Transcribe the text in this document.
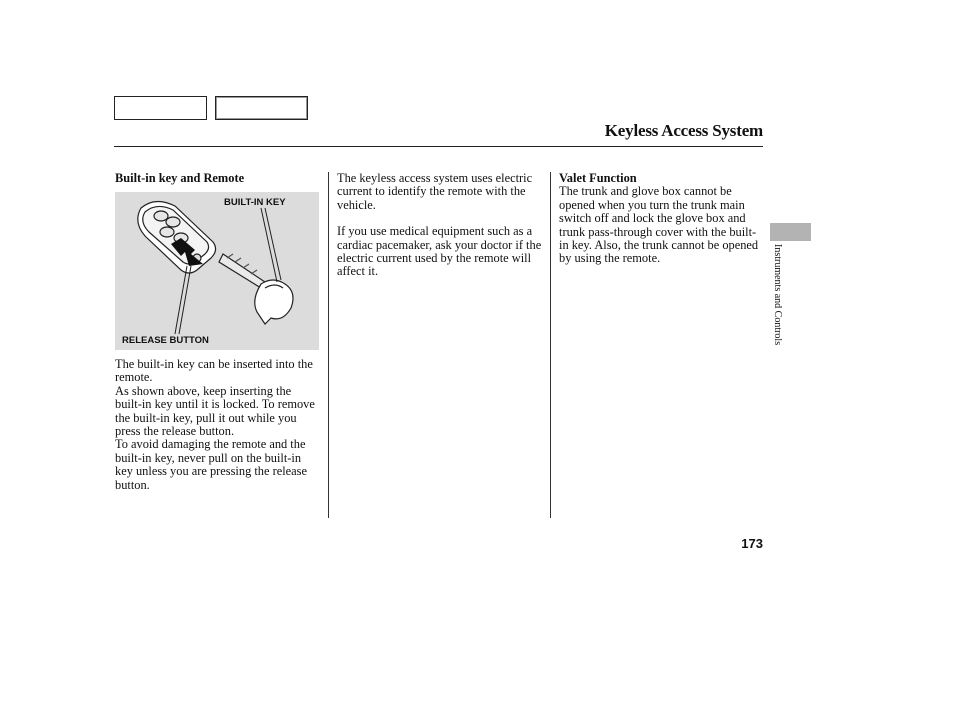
Keyless Access System

Built-in key and Remote

BUILT-IN KEY
RELEASE BUTTON

The built-in key can be inserted into the remote.
As shown above, keep inserting the built-in key until it is locked. To remove the built-in key, pull it out while you press the release button.
To avoid damaging the remote and the built-in key, never pull on the built-in key unless you are pressing the release button.

The keyless access system uses electric current to identify the remote with the vehicle.

If you use medical equipment such as a cardiac pacemaker, ask your doctor if the electric current used by the remote will affect it.

Valet Function

The trunk and glove box cannot be opened when you turn the trunk main switch off and lock the glove box and trunk pass-through cover with the built-in key. Also, the trunk cannot be opened by using the remote.	Instruments and Controls
173
